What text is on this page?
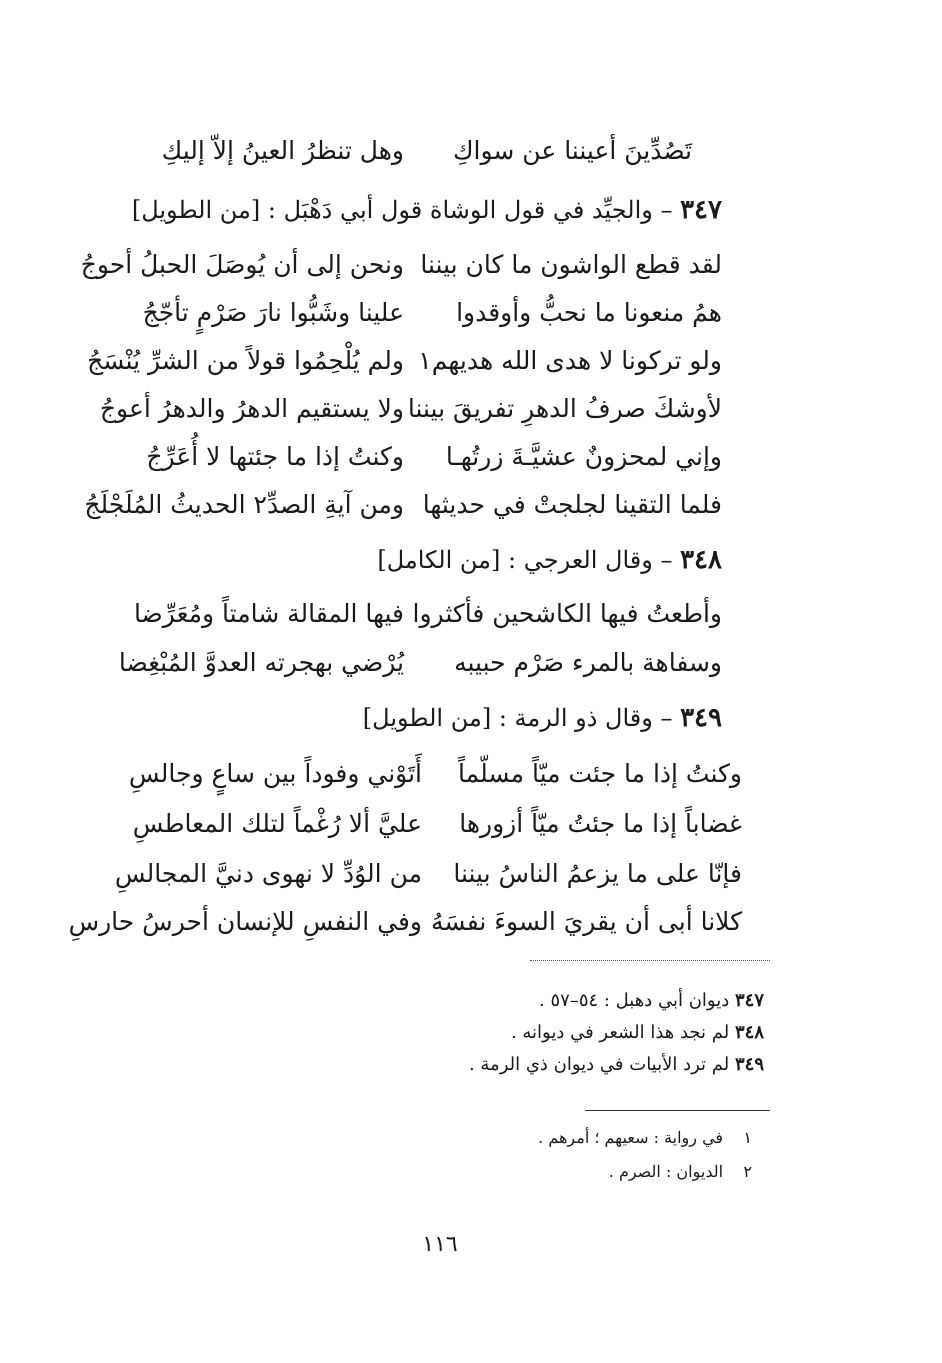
تَصُدِّينَ أعيننا عن سواكِ
وهل تنظرُ العينُ إلاّ إليكِ
٣٤٧ – والجيِّد في قول الوشاة قول أبي دَهْبَل : [من الطويل]
لقد قطع الواشون ما كان بيننا
ونحن إلى أن يُوصَلَ الحبلُ أحوجُ
همُ منعونا ما نحبُّ وأوقدوا
علينا وشَبُّوا نارَ صَرْمٍ تأجّجُ
ولو تركونا لا هدى الله هديهم١
ولم يُلْحِمُوا قولاً من الشرِّ يُنْسَجُ
لأوشكَ صرفُ الدهرِ تفريقَ بيننا
ولا يستقيم الدهرُ والدهرُ أعوجُ
وإني لمحزونٌ عشيَّـةَ زرتُهـا
وكنتُ إذا ما جئتها لا أُعَرِّجُ
فلما التقينا لجلجتْ في حديثها
ومن آيةِ الصدِّ٢ الحديثُ المُلَجْلَجُ
٣٤٨ – وقال العرجي : [من الكامل]
وأطعتُ فيها الكاشحين فأكثروا
فيها المقالة شامتاً ومُعَرِّضا
وسفاهة بالمرء صَرْم حبيبه
يُرْضي بهجرته العدوَّ المُبْغِضا
٣٤٩ – وقال ذو الرمة : [من الطويل]
وكنتُ إذا ما جئت ميّاً مسلّماً
أَتَوْني وفوداً بين ساعٍ وجالسِ
غضاباً إذا ما جئتُ ميّاً أزورها
عليَّ ألا رُغْماً لتلك المعاطسِ
فإنّا على ما يزعمُ الناسُ بيننا
من الوُدِّ لا نهوى دنيَّ المجالسِ
كلانا أبى أن يقريَ السوءَ نفسَهُ
وفي النفسِ للإنسان أحرسُ حارسِ
٣٤٧ ديوان أبي دهبل : ٥٤–٥٧ .
٣٤٨ لم نجد هذا الشعر في ديوانه .
٣٤٩ لم ترد الأبيات في ديوان ذي الرمة .
١    في رواية : سعيهم ؛ أمرهم .
٢    الديوان : الصرم .
١١٦
